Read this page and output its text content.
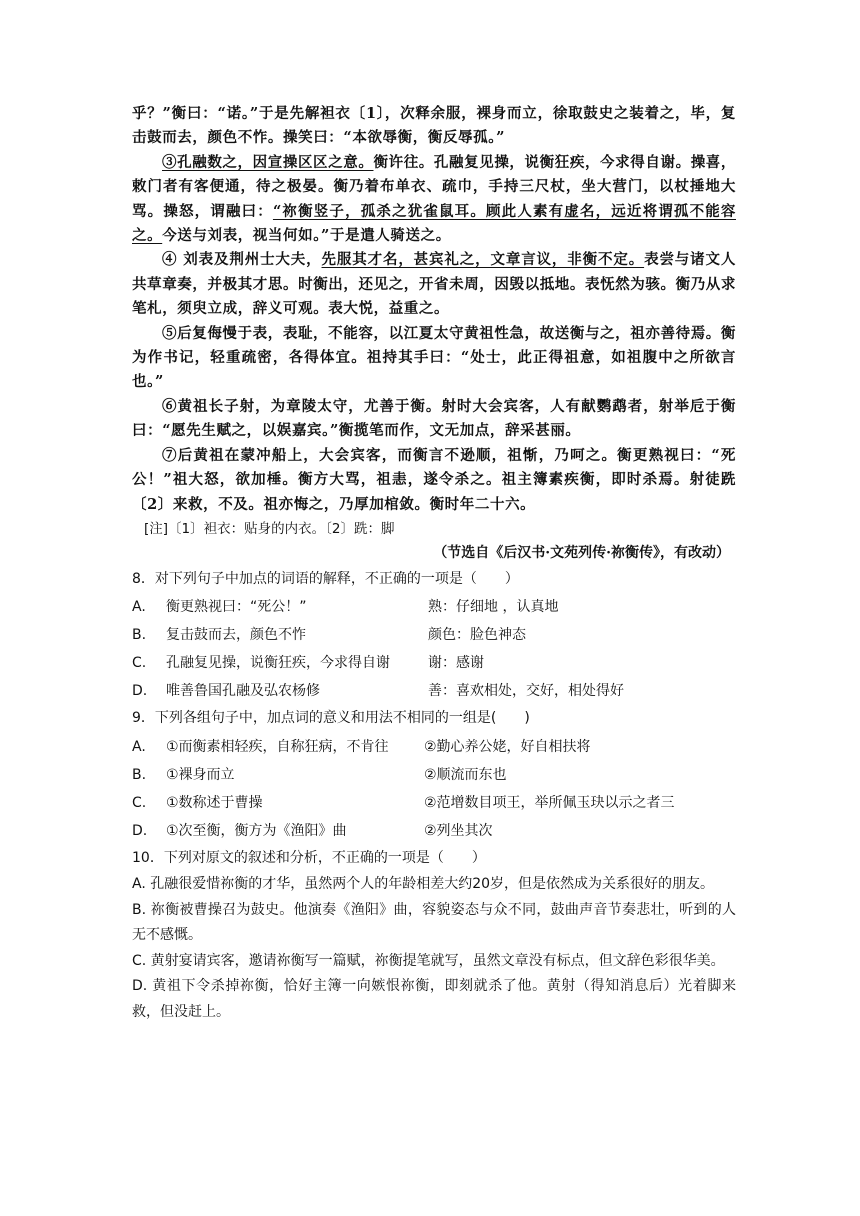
乎？”衡曰：“诺。”于是先解袒衣〔1〕，次释余服，裸身而立，徐取鼓史之装着之，毕，复击鼓而去，颜色不怍。操笑曰：“本欲辱衡，衡反辱孤。”

③孔融数之，因宣操区区之意。衡许往。孔融复见操，说衡狂疾，今求得自谢。操喜，敕门者有客便通，待之极晏。衡乃着布单衣、疏巾，手持三尺杖，坐大营门，以杖捶地大骂。操怒，谓融曰：“祢衡竖子，孤杀之犹雀鼠耳。顾此人素有虚名，远近将谓孤不能容之。今送与刘表，视当何如。”于是遣人骑送之。

④ 刘表及荆州士大夫，先服其才名，甚宾礼之，文章言议，非衡不定。表尝与诸文人共草章奏，并极其才思。时衡出，还见之，开省未周，因毁以抵地。表怃然为骇。衡乃从求笔札，须臾立成，辞义可观。表大悦，益重之。

⑤后复侮慢于表，表耻，不能容，以江夏太守黄祖性急，故送衡与之，祖亦善待焉。衡为作书记，轻重疏密，各得体宜。祖持其手曰：“处士，此正得祖意，如祖腹中之所欲言也。”

⑥黄祖长子射，为章陵太守，尤善于衡。射时大会宾客，人有献鹦鹉者，射举卮于衡曰：“愿先生赋之，以娱嘉宾。”衡揽笔而作，文无加点，辞采甚丽。

⑦后黄祖在蒙冲船上，大会宾客，而衡言不逊顺，祖惭，乃呵之。衡更熟视曰：“死公！”祖大怒，欲加棰。衡方大骂，祖恚，遂令杀之。祖主簿素疾衡，即时杀焉。射徒跣〔2〕来救，不及。祖亦悔之，乃厚加棺敛。衡时年二十六。

[注]〔1〕袒衣：贴身的内衣。〔2〕跣：脚

（节选自《后汉书·文苑列传·祢衡传》，有改动）

8．对下列句子中加点的词语的解释，不正确的一项是（　　）

A. 衡更熟视曰：“死公！”	熟：仔细地 ，认真地
B. 复击鼓而去，颜色不怍	颜色：脸色神态
C. 孔融复见操，说衡狂疾，今求得自谢	谢：感谢
D. 唯善鲁国孔融及弘农杨修	善：喜欢相处，交好，相处得好

9．下列各组句子中，加点词的意义和用法不相同的一组是(　　)

A. ①而衡素相轻疾，自称狂病，不肯往	②勤心养公姥，好自相扶将
B. ①裸身而立	②顺流而东也
C. ①数称述于曹操	②范增数目项王，举所佩玉玦以示之者三
D. ①次至衡，衡方为《渔阳》曲	②列坐其次

10．下列对原文的叙述和分析，不正确的一项是（　　）

A. 孔融很爱惜祢衡的才华，虽然两个人的年龄相差大约20岁，但是依然成为关系很好的朋友。

B. 祢衡被曹操召为鼓史。他演奏《渔阳》曲，容貌姿态与众不同，鼓曲声音节奏悲壮，听到的人无不感慨。

C. 黄射宴请宾客，邀请祢衡写一篇赋，祢衡提笔就写，虽然文章没有标点，但文辞色彩很华美。

D. 黄祖下令杀掉祢衡，恰好主簿一向嫉恨祢衡，即刻就杀了他。黄射（得知消息后）光着脚来救，但没赶上。
